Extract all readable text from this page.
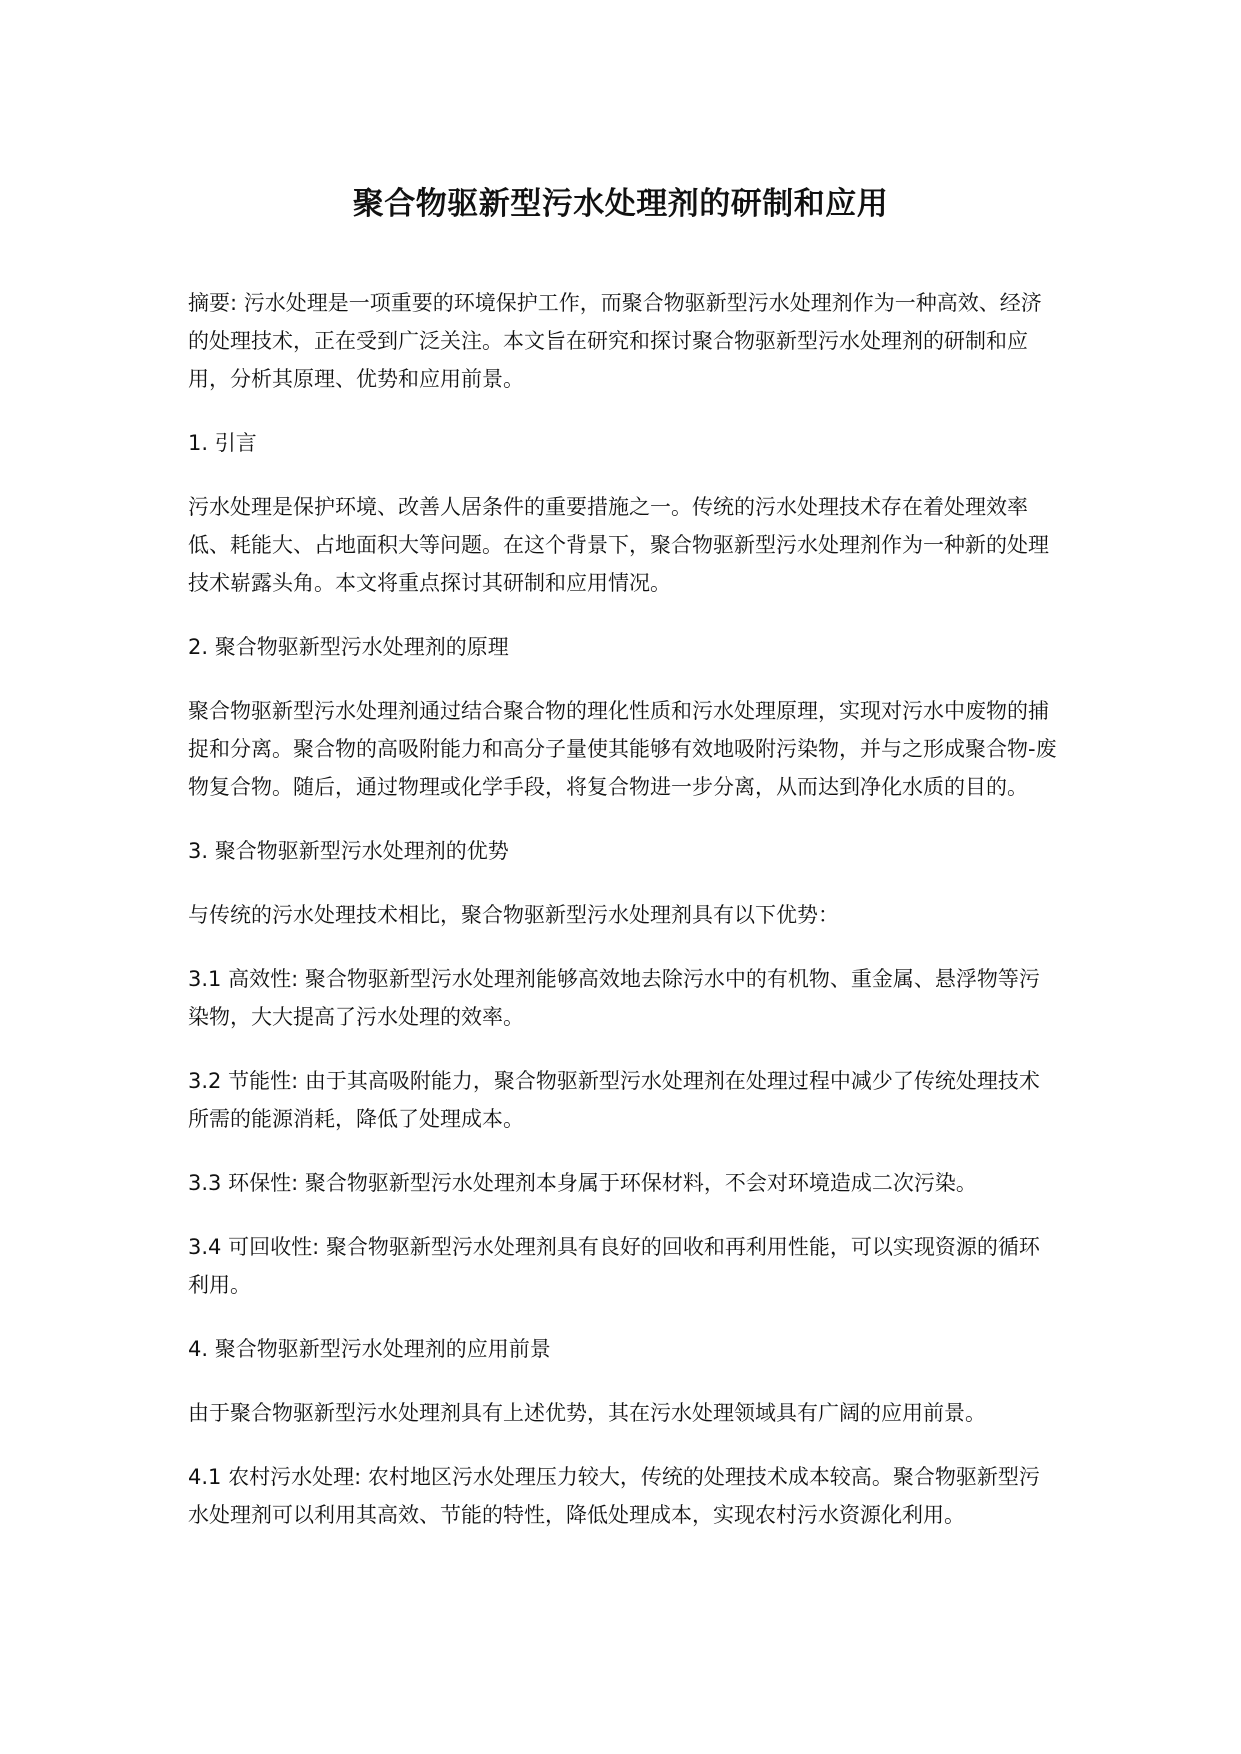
聚合物驱新型污水处理剂的研制和应用

摘要: 污水处理是一项重要的环境保护工作，而聚合物驱新型污水处理剂作为一种高效、经济的处理技术，正在受到广泛关注。本文旨在研究和探讨聚合物驱新型污水处理剂的研制和应用，分析其原理、优势和应用前景。

1. 引言

污水处理是保护环境、改善人居条件的重要措施之一。传统的污水处理技术存在着处理效率低、耗能大、占地面积大等问题。在这个背景下，聚合物驱新型污水处理剂作为一种新的处理技术崭露头角。本文将重点探讨其研制和应用情况。

2. 聚合物驱新型污水处理剂的原理

聚合物驱新型污水处理剂通过结合聚合物的理化性质和污水处理原理，实现对污水中废物的捕捉和分离。聚合物的高吸附能力和高分子量使其能够有效地吸附污染物，并与之形成聚合物-废物复合物。随后，通过物理或化学手段，将复合物进一步分离，从而达到净化水质的目的。

3. 聚合物驱新型污水处理剂的优势

与传统的污水处理技术相比，聚合物驱新型污水处理剂具有以下优势：

3.1 高效性: 聚合物驱新型污水处理剂能够高效地去除污水中的有机物、重金属、悬浮物等污染物，大大提高了污水处理的效率。

3.2 节能性: 由于其高吸附能力，聚合物驱新型污水处理剂在处理过程中减少了传统处理技术所需的能源消耗，降低了处理成本。

3.3 环保性: 聚合物驱新型污水处理剂本身属于环保材料，不会对环境造成二次污染。

3.4 可回收性: 聚合物驱新型污水处理剂具有良好的回收和再利用性能，可以实现资源的循环利用。

4. 聚合物驱新型污水处理剂的应用前景

由于聚合物驱新型污水处理剂具有上述优势，其在污水处理领域具有广阔的应用前景。

4.1 农村污水处理: 农村地区污水处理压力较大，传统的处理技术成本较高。聚合物驱新型污水处理剂可以利用其高效、节能的特性，降低处理成本，实现农村污水资源化利用。
